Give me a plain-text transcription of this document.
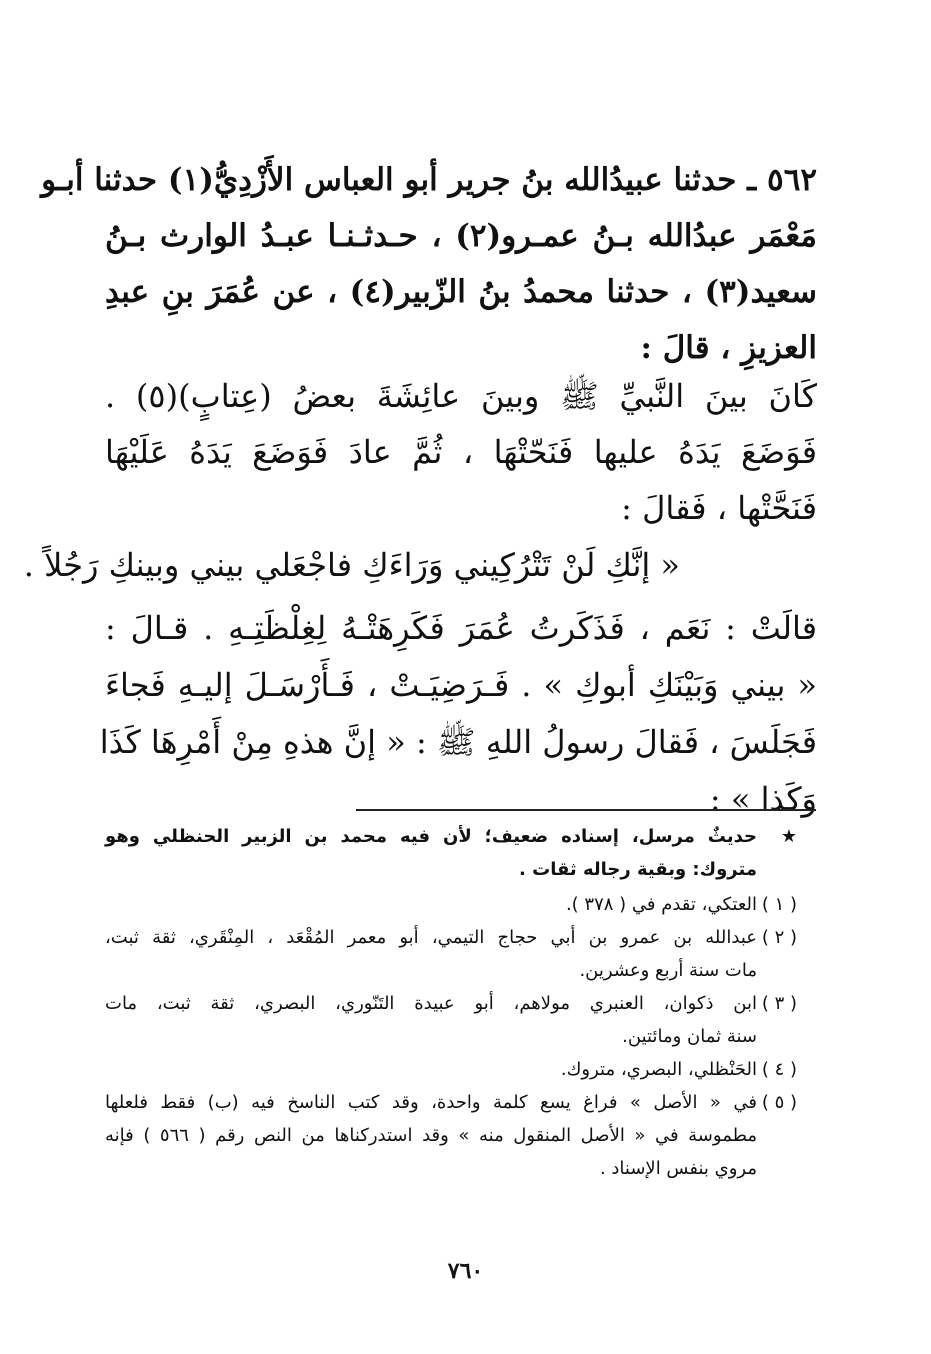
٥٦٢ ـ حدثنا عبيدُالله بنُ جرير أبو العباس الأَزْدِيُّ(١) حدثنا أبـو
مَعْمَر عبدُالله بـنُ عمـرو(٢) ، حـدثـنـا عبـدُ الوارث بـنُ
سعيد(٣) ، حدثنا محمدُ بنُ الزّبير(٤) ، عن عُمَرَ بنِ عبدِ
العزيزِ ، قالَ :
كَانَ بينَ النَّبيِّ ﷺ وبينَ عائِشَةَ بعضُ (عِتابٍ)(٥) .
فَوَضَعَ يَدَهُ عليها فَنَحّتْهَا ، ثُمَّ عادَ فَوَضَعَ يَدَهُ عَلَيْهَا
فَنَحَّتْها ، فَقالَ :
« إنَّكِ لَنْ تَتْرُكِيني وَرَاءَكِ فاجْعَلي بيني وبينكِ رَجُلاً .
قالَتْ : نَعَم ، فَذَكَرتُ عُمَرَ فَكَرِهَتْـهُ لِغِلْظَتِـهِ . قـالَ :
« بيني وَبَيْنَكِ أبوكِ » . فَـرَضِيَـتْ ، فَـأَرْسَـلَ إليـهِ فَجاءَ
فَجَلَسَ ، فَقالَ رسولُ اللهِ ﷺ : « إنَّ هذهِ مِنْ أَمْرِهَا كَذَا
وَكَذا » :
★
حديثٌ مرسل، إسناده ضعيف؛ لأن فيه محمد بن الزبير الحنظلي وهو
متروك: وبقية رجاله ثقات .
( ١ )
العتكي، تقدم في ( ٣٧٨ ).
( ٢ )
عبدالله بن عمرو بن أبي حجاج التيمي، أبو معمر المُقْعَد ، المِنْقَري، ثقة ثبت،
مات سنة أربع وعشرين.
( ٣ )
ابن ذكوان، العنبري مولاهم، أبو عبيدة التَنّوري، البصري، ثقة ثبت، مات
سنة ثمان ومائتين.
( ٤ )
الحَنْظلي، البصري، متروك.
( ٥ )
في « الأصل » فراغ يسع كلمة واحدة، وقد كتب الناسخ فيه (ب) فقط فلعلها
مطموسة في « الأصل المنقول منه » وقد استدركناها من النص رقم ( ٥٦٦ ) فإنه
مروي بنفس الإسناد .
٧٦٠
